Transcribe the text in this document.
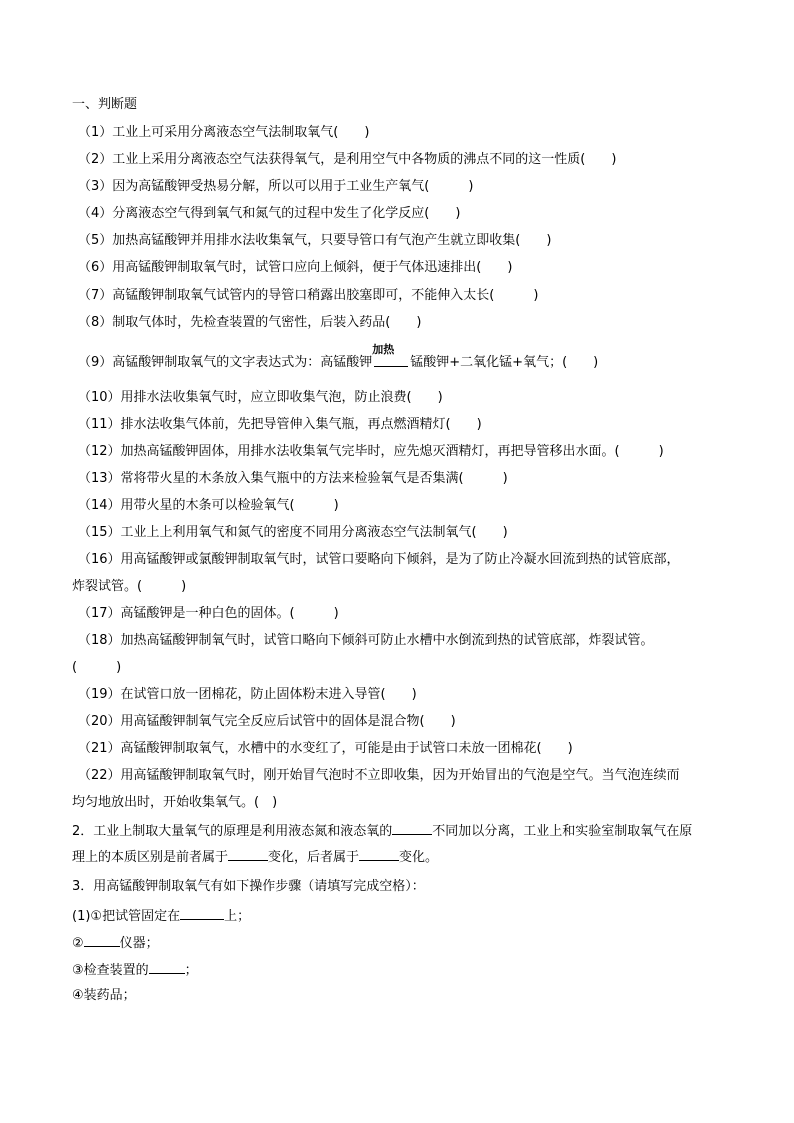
一、判断题
（1）工业上可采用分离液态空气法制取氧气(　　)
（2）工业上采用分离液态空气法获得氧气，是利用空气中各物质的沸点不同的这一性质(　　)
（3）因为高锰酸钾受热易分解，所以可以用于工业生产氧气(　　　)
（4）分离液态空气得到氧气和氮气的过程中发生了化学反应(　　)
（5）加热高锰酸钾并用排水法收集氧气，只要导管口有气泡产生就立即收集(　　)
（6）用高锰酸钾制取氧气时，试管口应向上倾斜，便于气体迅速排出(　　)
（7）高锰酸钾制取氧气试管内的导管口稍露出胶塞即可，不能伸入太长(　　　)
（8）制取气体时，先检查装置的气密性，后装入药品(　　)
（9）高锰酸钾制取氧气的文字表达式为：高锰酸钾
加热
锰酸钾+二氧化锰+氧气；(　　)
（10）用排水法收集氧气时，应立即收集气泡，防止浪费(　　)
（11）排水法收集气体前，先把导管伸入集气瓶，再点燃酒精灯(　　)
（12）加热高锰酸钾固体，用排水法收集氧气完毕时，应先熄灭酒精灯，再把导管移出水面。(　　　)
（13）常将带火星的木条放入集气瓶中的方法来检验氧气是否集满(　　　)
（14）用带火星的木条可以检验氧气(　　　)
（15）工业上上利用氧气和氮气的密度不同用分离液态空气法制氧气(　　)
（16）用高锰酸钾或氯酸钾制取氧气时，试管口要略向下倾斜，是为了防止冷凝水回流到热的试管底部，
炸裂试管。(　　　)
（17）高锰酸钾是一种白色的固体。(　　　)
（18）加热高锰酸钾制氧气时，试管口略向下倾斜可防止水槽中水倒流到热的试管底部，炸裂试管。
(　　　)
（19）在试管口放一团棉花，防止固体粉末进入导管(　　)
（20）用高锰酸钾制氧气完全反应后试管中的固体是混合物(　　)
（21）高锰酸钾制取氧气，水槽中的水变红了，可能是由于试管口未放一团棉花(　　)
（22）用高锰酸钾制取氧气时，刚开始冒气泡时不立即收集，因为开始冒出的气泡是空气。当气泡连续而
均匀地放出时，开始收集氧气。(　)
2．工业上制取大量氧气的原理是利用液态氮和液态氧的	不同加以分离，工业上和实验室制取氧气在原
理上的本质区别是前者属于	变化，后者属于	变化。
3．用高锰酸钾制取氧气有如下操作步骤（请填写完成空格）：
(1)①把试管固定在	上；
②	仪器；
③检查装置的	；
④装药品；
